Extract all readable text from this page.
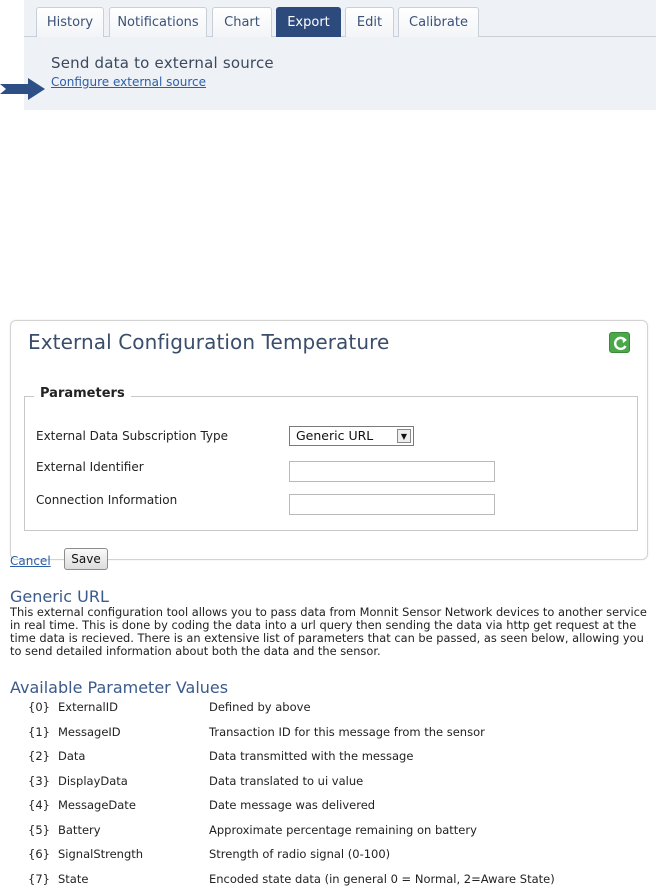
History	Notifications	Chart	Export	Edit	Calibrate
Send data to external source
Configure external source
External Configuration Temperature
Parameters
External Data Subscription Type	Generic URL	▼
External Identifier
Connection Information
Cancel	Save
Generic URL

This external configuration tool allows you to pass data from Monnit Sensor Network devices to another service in real time. This is done by coding the data into a url query then sending the data via http get request at the time data is recieved. There is an extensive list of parameters that can be passed, as seen below, allowing you to send detailed information about both the data and the sensor.

Available Parameter Values
{0} ExternalID	Defined by above
{1} MessageID	Transaction ID for this message from the sensor
{2} Data	Data transmitted with the message
{3} DisplayData	Data translated to ui value
{4} MessageDate	Date message was delivered
{5} Battery	Approximate percentage remaining on battery
{6} SignalStrength	Strength of radio signal (0-100)
{7} State	Encoded state data (in general 0 = Normal, 2=Aware State)
